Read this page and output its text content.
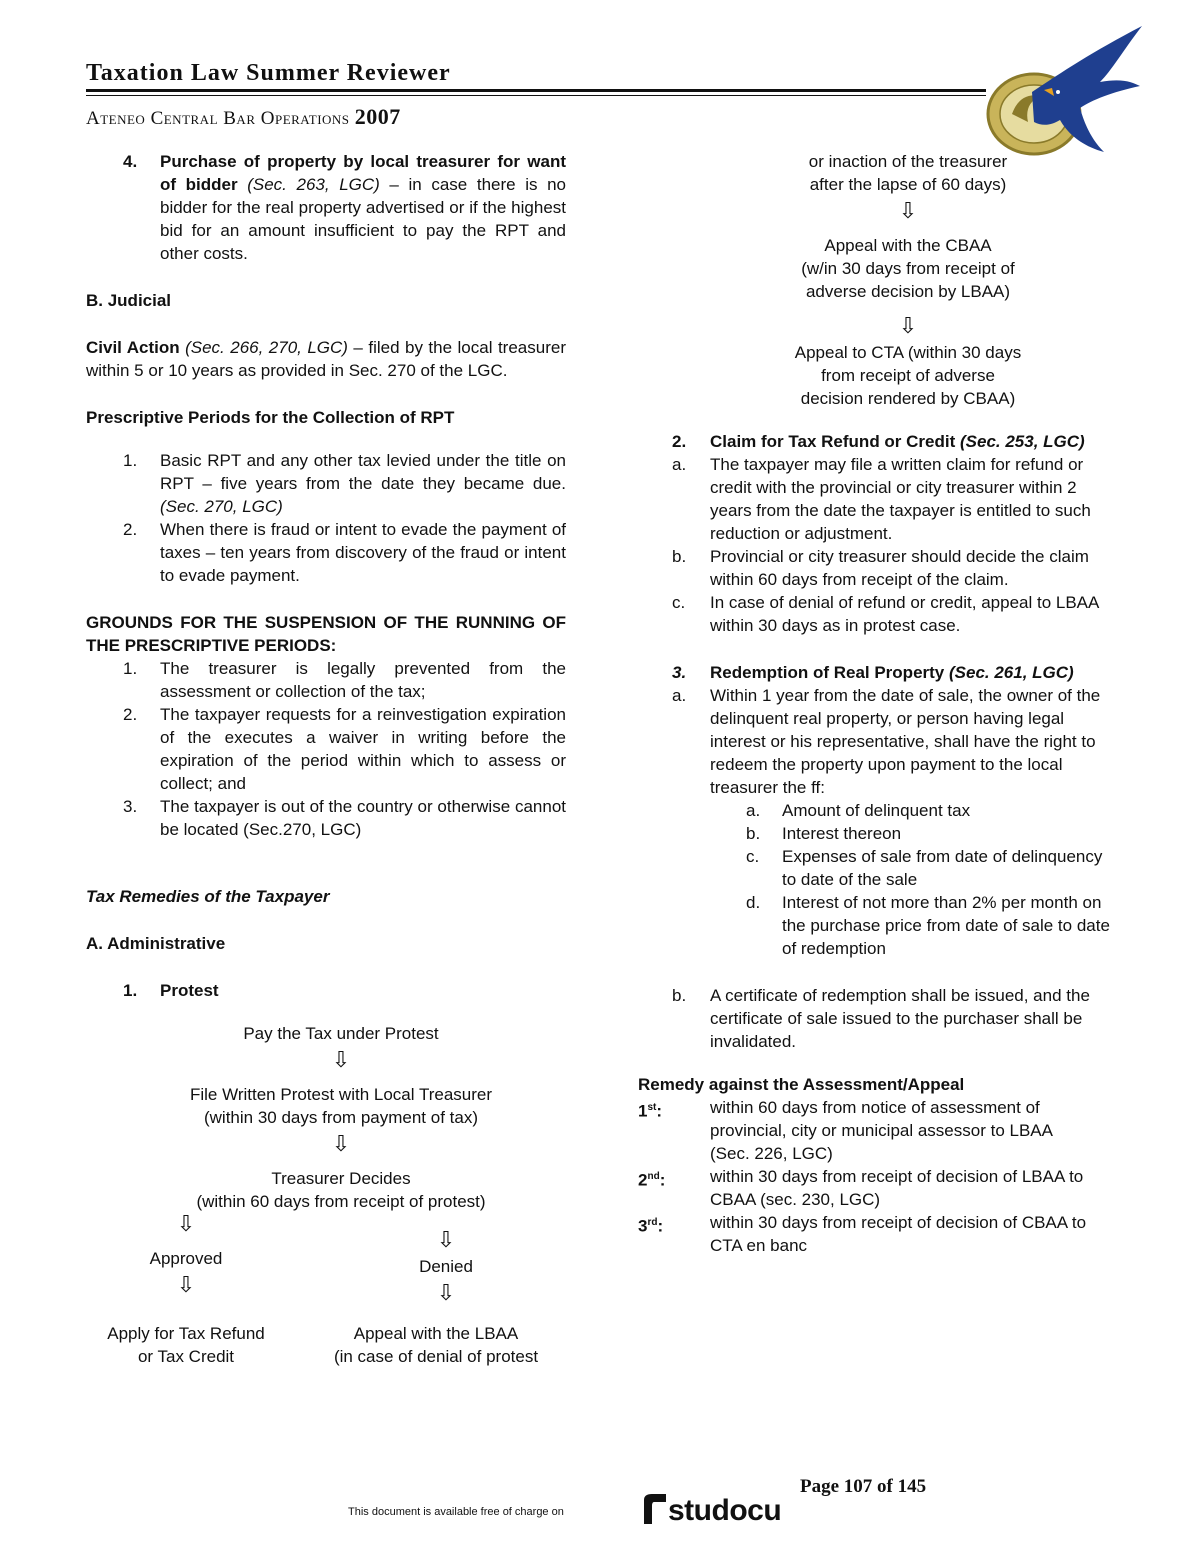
Taxation Law Summer Reviewer
Ateneo Central Bar Operations 2007
4. Purchase of property by local treasurer for want of bidder (Sec. 263, LGC) – in case there is no bidder for the real property advertised or if the highest bid for an amount insufficient to pay the RPT and other costs.
B. Judicial
Civil Action (Sec. 266, 270, LGC) – filed by the local treasurer within 5 or 10 years as provided in Sec. 270 of the LGC.
Prescriptive Periods for the Collection of RPT
1. Basic RPT and any other tax levied under the title on RPT – five years from the date they became due. (Sec. 270, LGC)
2. When there is fraud or intent to evade the payment of taxes – ten years from discovery of the fraud or intent to evade payment.
GROUNDS FOR THE SUSPENSION OF THE RUNNING OF THE PRESCRIPTIVE PERIODS:
1. The treasurer is legally prevented from the assessment or collection of the tax;
2. The taxpayer requests for a reinvestigation expiration of the executes a waiver in writing before the expiration of the period within which to assess or collect; and
3. The taxpayer is out of the country or otherwise cannot be located (Sec.270, LGC)
Tax Remedies of the Taxpayer
A. Administrative
1. Protest
Pay the Tax under Protest
⇩
File Written Protest with Local Treasurer
(within 30 days from payment of tax)
⇩
Treasurer Decides
(within 60 days from receipt of protest)
⇩
Approved
⇩
⇩
Denied
⇩
Apply for Tax Refund
or Tax Credit
Appeal with the LBAA
(in case of denial of protest
or inaction of the treasurer
after the lapse of 60 days)
⇩
Appeal with the CBAA
(w/in 30 days from receipt of
adverse decision by LBAA)
⇩
Appeal to CTA (within 30 days
from receipt of adverse
decision rendered by CBAA)
2. Claim for Tax Refund or Credit (Sec. 253, LGC)
a. The taxpayer may file a written claim for refund or credit with the provincial or city treasurer within 2 years from the date the taxpayer is entitled to such reduction or adjustment.
b. Provincial or city treasurer should decide the claim within 60 days from receipt of the claim.
c. In case of denial of refund or credit, appeal to LBAA within 30 days as in protest case.
3. Redemption of Real Property (Sec. 261, LGC)
a. Within 1 year from the date of sale, the owner of the delinquent real property, or person having legal interest or his representative, shall have the right to redeem the property upon payment to the local treasurer the ff:
a. Amount of delinquent tax
b. Interest thereon
c. Expenses of sale from date of delinquency to date of the sale
d. Interest of not more than 2% per month on the purchase price from date of sale to date of redemption
b. A certificate of redemption shall be issued, and the certificate of sale issued to the purchaser shall be invalidated.
Remedy against the Assessment/Appeal
1st:	within 60 days from notice of assessment of provincial, city or municipal assessor to LBAA
(Sec. 226, LGC)
2nd:	within 30 days from receipt of decision of LBAA to CBAA (sec. 230, LGC)
3rd:	within 30 days from receipt of decision of CBAA to CTA en banc
Page 107 of 145
This document is available free of charge on	studocu
